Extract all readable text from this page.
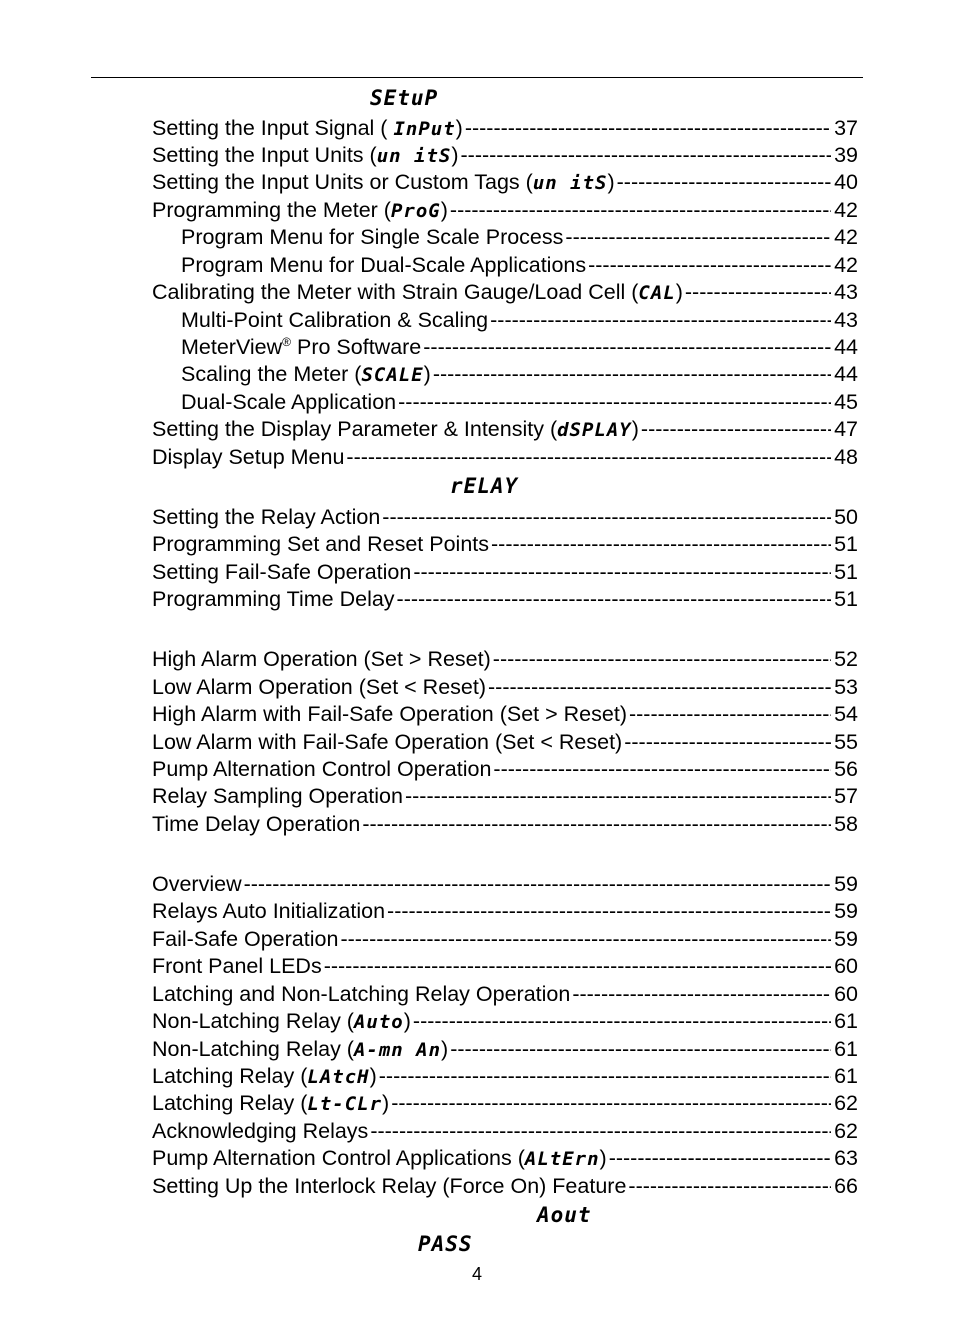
SEtuP
Setting the Input Signal ( InPut) -----	37
Setting the Input Units (un itS) -----	39
Setting the Input Units or Custom Tags (un itS) -----	40
Programming the Meter (ProG) -----	42
Program Menu for Single Scale Process -----	42
Program Menu for Dual-Scale Applications -----	42
Calibrating the Meter with Strain Gauge/Load Cell (CAL) -----	43
Multi-Point Calibration & Scaling -----	43
MeterView® Pro Software -----	44
Scaling the Meter (SCALE) -----	44
Dual-Scale Application -----	45
Setting the Display Parameter & Intensity (dSPLAY) -----	47
Display Setup Menu -----	48
rELAY
Setting the Relay Action -----	50
Programming Set and Reset Points -----	51
Setting Fail-Safe Operation -----	51
Programming Time Delay -----	51
High Alarm Operation (Set > Reset) -----	52
Low Alarm Operation (Set < Reset) -----	53
High Alarm with Fail-Safe Operation (Set > Reset) -----	54
Low Alarm with Fail-Safe Operation (Set < Reset) -----	55
Pump Alternation Control Operation -----	56
Relay Sampling Operation -----	57
Time Delay Operation -----	58
Overview -----	59
Relays Auto Initialization -----	59
Fail-Safe Operation -----	59
Front Panel LEDs -----	60
Latching and Non-Latching Relay Operation -----	60
Non-Latching Relay (Auto) -----	61
Non-Latching Relay (A-mn An) -----	61
Latching Relay (LAtcH) -----	61
Latching Relay (Lt-CLr) -----	62
Acknowledging Relays -----	62
Pump Alternation Control Applications (ALtErn) -----	63
Setting Up the Interlock Relay (Force On) Feature -----	66
Aout
PASS
4
